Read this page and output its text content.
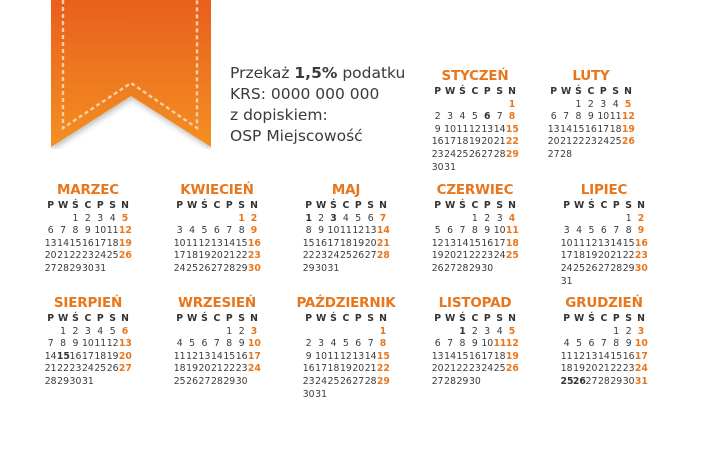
Przekaż 1,5% podatku
KRS: 0000 000 000
z dopiskiem:
OSP Miejscowość
STYCZEŃ
P W Ś C P S N
1
2 3 4 5 6 7 8
9 10 11 12 13 14 15
16 17 18 19 20 21 22
23 24 25 26 27 28 29
30 31
LUTY
P W Ś C P S N
1 2 3 4 5
6 7 8 9 10 11 12
13 14 15 16 17 18 19
20 21 22 23 24 25 26
27 28
MARZEC
P W Ś C P S N
1 2 3 4 5
6 7 8 9 10 11 12
13 14 15 16 17 18 19
20 21 22 23 24 25 26
27 28 29 30 31
KWIECIEŃ
P W Ś C P S N
1 2
3 4 5 6 7 8 9
10 11 12 13 14 15 16
17 18 19 20 21 22 23
24 25 26 27 28 29 30
MAJ
P W Ś C P S N
1 2 3 4 5 6 7
8 9 10 11 12 13 14
15 16 17 18 19 20 21
22 23 24 25 26 27 28
29 30 31
CZERWIEC
P W Ś C P S N
1 2 3 4
5 6 7 8 9 10 11
12 13 14 15 16 17 18
19 20 21 22 23 24 25
26 27 28 29 30
LIPIEC
P W Ś C P S N
1 2
3 4 5 6 7 8 9
10 11 12 13 14 15 16
17 18 19 20 21 22 23
24 25 26 27 28 29 30
31
SIERPIEŃ
P W Ś C P S N
1 2 3 4 5 6
7 8 9 10 11 12 13
14 15 16 17 18 19 20
21 22 23 24 25 26 27
28 29 30 31
WRZESIEŃ
P W Ś C P S N
1 2 3
4 5 6 7 8 9 10
11 12 13 14 15 16 17
18 19 20 21 22 23 24
25 26 27 28 29 30
PAŹDZIERNIK
P W Ś C P S N
1
2 3 4 5 6 7 8
9 10 11 12 13 14 15
16 17 18 19 20 21 22
23 24 25 26 27 28 29
30 31
LISTOPAD
P W Ś C P S N
1 2 3 4 5
6 7 8 9 10 11 12
13 14 15 16 17 18 19
20 21 22 23 24 25 26
27 28 29 30
GRUDZIEŃ
P W Ś C P S N
1 2 3
4 5 6 7 8 9 10
11 12 13 14 15 16 17
18 19 20 21 22 23 24
25 26 27 28 29 30 31
